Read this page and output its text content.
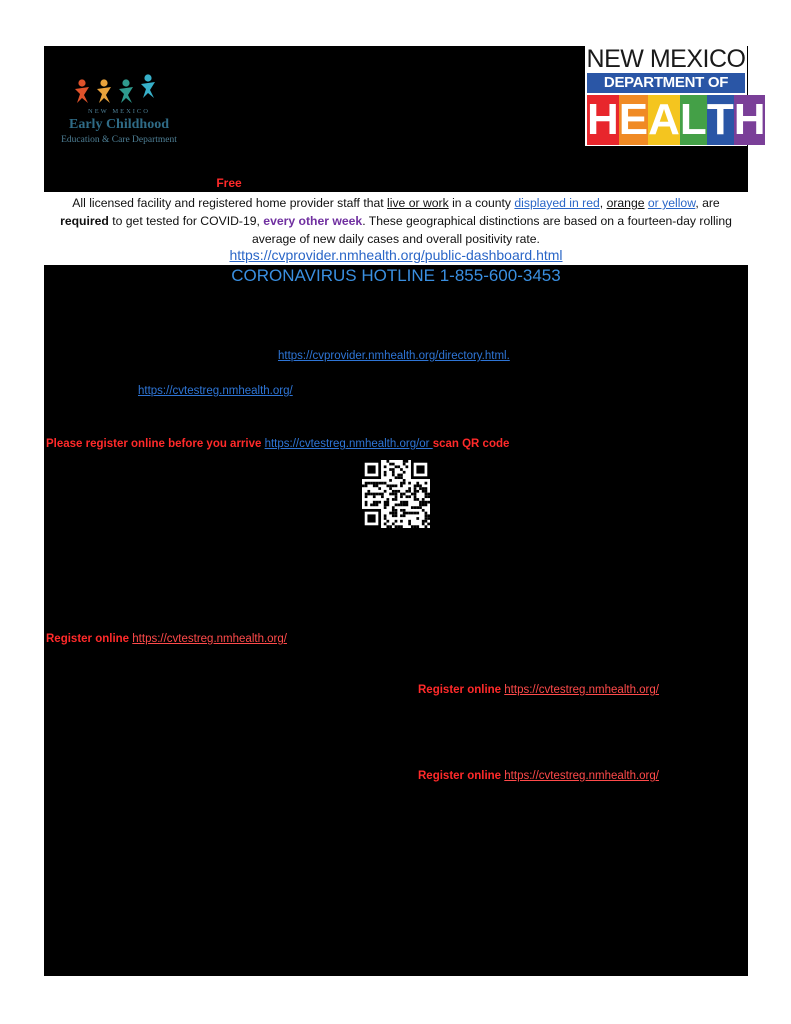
NEW MEXICO
Early Childhood
Education & Care Department
NEW MEXICO
DEPARTMENT OF
H E A L T H
Free
All licensed facility and registered home provider staff that live or work in a county displayed in red, orange or yellow, are required to get tested for COVID-19, every other week. These geographical distinctions are based on a fourteen-day rolling average of new daily cases and overall positivity rate.
https://cvprovider.nmhealth.org/public-dashboard.html
CORONAVIRUS HOTLINE 1-855-600-3453
https://cvprovider.nmhealth.org/directory.html.
https://cvtestreg.nmhealth.org/
Please register online before you arrive https://cvtestreg.nmhealth.org/or scan QR code
Register online https://cvtestreg.nmhealth.org/
Register online https://cvtestreg.nmhealth.org/
Register online https://cvtestreg.nmhealth.org/
